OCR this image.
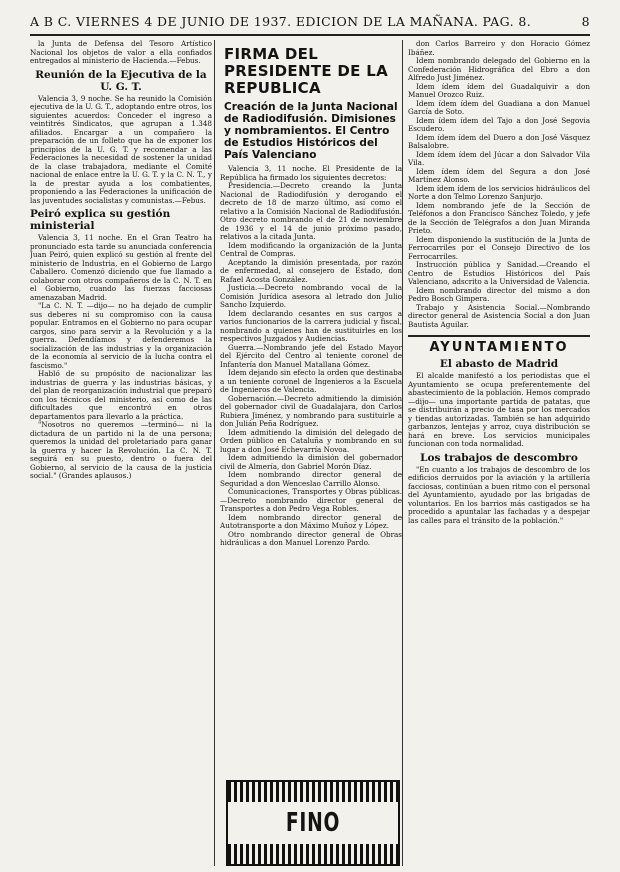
A B C. VIERNES 4 DE JUNIO DE 1937. EDICION DE LA MAÑANA. PAG. 8.	8

la Junta de Defensa del Tesoro Artístico Nacional los objetos de valor a ella confiados entregados al ministerio de Hacienda.—Febus.

Reunión de la Ejecutiva de la U. G. T.

Valencia 3, 9 noche. Se ha reunido la Comisión ejecutiva de la U. G. T., adoptando entre otros, los siguientes acuerdos: Conceder el ingreso a veintitrés Sindicatos, que agrupan a 1.348 afiliados. Encargar a un compañero la preparación de un folleto que ha de exponer los principios de la U. G. T. y recomendar a las Federaciones la necesidad de sostener la unidad de la clase trabajadora, mediante el Comité nacional de enlace entre la U. G. T. y la C. N. T., y la de prestar ayuda a los combatientes, proponiendo a las Federaciones la unificación de las juventudes socialistas y comunistas.—Febus.

Peiró explica su gestión ministerial

Valencia 3, 11 noche. En el Gran Teatro ha pronunciado esta tarde su anunciada conferencia Juan Peiró, quien explicó su gestión al frente del ministerio de Industria, en el Gobierno de Largo Caballero. Comenzó diciendo que fue llamado a colaborar con otros compañeros de la C. N. T. en el Gobierno, cuando las fuerzas facciosas amenazaban Madrid.

"La C. N. T. —dijo— no ha dejado de cumplir sus deberes ni su compromiso con la causa popular. Entramos en el Gobierno no para ocupar cargos, sino para servir a la Revolución y a la guerra. Defendíamos y defenderemos la socialización de las industrias y la organización de la economía al servicio de la lucha contra el fascismo."

Habló de su propósito de nacionalizar las industrias de guerra y las industrias básicas, y del plan de reorganización industrial que preparó con los técnicos del ministerio, así como de las dificultades que encontró en otros departamentos para llevarlo a la práctica.

"Nosotros no queremos —terminó— ni la dictadura de un partido ni la de una persona; queremos la unidad del proletariado para ganar la guerra y hacer la Revolución. La C. N. T. seguirá en su puesto, dentro o fuera del Gobierno, al servicio de la causa de la justicia social." (Grandes aplausos.)

FIRMA DEL PRESIDENTE DE LA REPUBLICA

Creación de la Junta Nacional de Radiodifusión. Dimisiones y nombramientos. El Centro de Estudios Históricos del País Valenciano

Valencia 3, 11 noche. El Presidente de la República ha firmado los siguientes decretos:

Presidencia.—Decreto creando la Junta Nacional de Radiodifusión y derogando el decreto de 18 de marzo último, así como el relativo a la Comisión Nacional de Radiodifusión. Otro decreto nombrando el de 21 de noviembre de 1936 y el 14 de junio próximo pasado, relativos a la citada Junta.

Idem modificando la organización de la Junta Central de Compras.

Aceptando la dimisión presentada, por razón de enfermedad, al consejero de Estado, don Rafael Acosta González.

Justicia.—Decreto nombrando vocal de la Comisión Jurídica asesora al letrado don Julio Sancho Izquierdo.

Idem declarando cesantes en sus cargos a varios funcionarios de la carrera judicial y fiscal, nombrando a quienes han de sustituirles en los respectivos Juzgados y Audiencias.

Guerra.—Nombrando jefe del Estado Mayor del Ejército del Centro al teniente coronel de Infantería don Manuel Matallana Gómez.

Idem dejando sin efecto la orden que destinaba a un teniente coronel de Ingenieros a la Escuela de Ingenieros de Valencia.

Gobernación.—Decreto admitiendo la dimisión del gobernador civil de Guadalajara, don Carlos Rubiera Jiménez, y nombrando para sustituirle a don Julián Peña Rodríguez.

Idem admitiendo la dimisión del delegado de Orden público en Cataluña y nombrando en su lugar a don José Echevarría Novoa.

Idem admitiendo la dimisión del gobernador civil de Almería, don Gabriel Morón Díaz.

Idem nombrando director general de Seguridad a don Wenceslao Carrillo Alonso.

Comunicaciones, Transportes y Obras públicas.—Decreto nombrando director general de Transportes a don Pedro Vega Robles.

Idem nombrando director general de Autotransporte a don Máximo Muñoz y López.

Otro nombrando director general de Obras hidráulicas a don Manuel Lorenzo Pardo.

FINO

don Carlos Barreiro y don Horacio Gómez Ibáñez.

Idem nombrando delegado del Gobierno en la Confederación Hidrográfica del Ebro a don Alfredo Just Jiménez.

Idem ídem ídem del Guadalquivir a don Manuel Orozco Ruiz.

Idem ídem ídem del Guadiana a don Manuel García de Soto.

Idem ídem ídem del Tajo a don José Segovia Escudero.

Idem ídem ídem del Duero a don José Vásquez Balsalobre.

Idem ídem ídem del Júcar a don Salvador Vila Vila.

Idem ídem ídem del Segura a don José Martínez Alonso.

Idem ídem ídem de los servicios hidráulicos del Norte a don Telmo Lorenzo Sanjurjo.

Idem nombrando jefe de la Sección de Teléfonos a don Francisco Sánchez Toledo, y jefe de la Sección de Telégrafos a don Juan Miranda Prieto.

Idem disponiendo la sustitución de la Junta de Ferrocarriles por el Consejo Directivo de los Ferrocarriles.

Instrucción pública y Sanidad.—Creando el Centro de Estudios Históricos del País Valenciano, adscrito a la Universidad de Valencia.

Idem nombrando director del mismo a don Pedro Bosch Gimpera.

Trabajo y Asistencia Social.—Nombrando director general de Asistencia Social a don Juan Bautista Aguilar.

AYUNTAMIENTO

El abasto de Madrid

El alcalde manifestó a los periodistas que el Ayuntamiento se ocupa preferentemente del abastecimiento de la población. Hemos comprado —dijo— una importante partida de patatas, que se distribuirán a precio de tasa por los mercados y tiendas autorizadas. También se han adquirido garbanzos, lentejas y arroz, cuya distribución se hará en breve. Los servicios municipales funcionan con toda normalidad.

Los trabajos de descombro

"En cuanto a los trabajos de descombro de los edificios derruidos por la aviación y la artillería facciosas, continúan a buen ritmo con el personal del Ayuntamiento, ayudado por las brigadas de voluntarios. En los barrios más castigados se ha procedido a apuntalar las fachadas y a despejar las calles para el tránsito de la población."
